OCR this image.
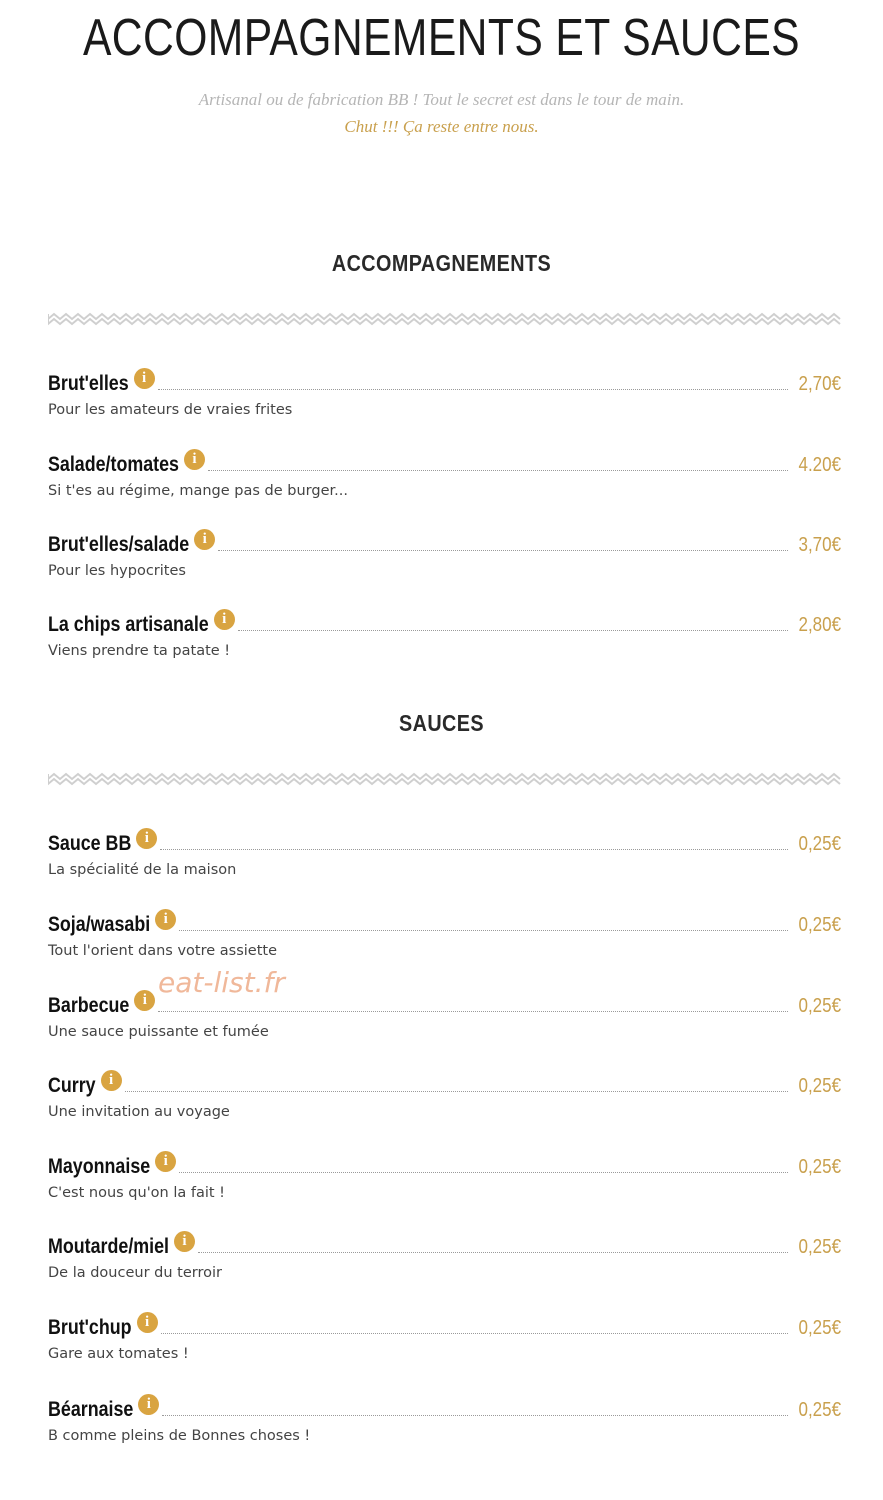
ACCOMPAGNEMENTS ET SAUCES
Artisanal ou de fabrication BB ! Tout le secret est dans le tour de main.
Chut !!! Ça reste entre nous.
ACCOMPAGNEMENTS
Brut'elles i	2,70€
Pour les amateurs de vraies frites
Salade/tomates i	4.20€
Si t'es au régime, mange pas de burger...
Brut'elles/salade i	3,70€
Pour les hypocrites
La chips artisanale i	2,80€
Viens prendre ta patate !
SAUCES
Sauce BB i	0,25€
La spécialité de la maison
Soja/wasabi i	0,25€
Tout l'orient dans votre assiette
Barbecue i	0,25€
Une sauce puissante et fumée
Curry i	0,25€
Une invitation au voyage
Mayonnaise i	0,25€
C'est nous qu'on la fait !
Moutarde/miel i	0,25€
De la douceur du terroir
Brut'chup i	0,25€
Gare aux tomates !
Béarnaise i	0,25€
B comme pleins de Bonnes choses !
eat-list.fr
